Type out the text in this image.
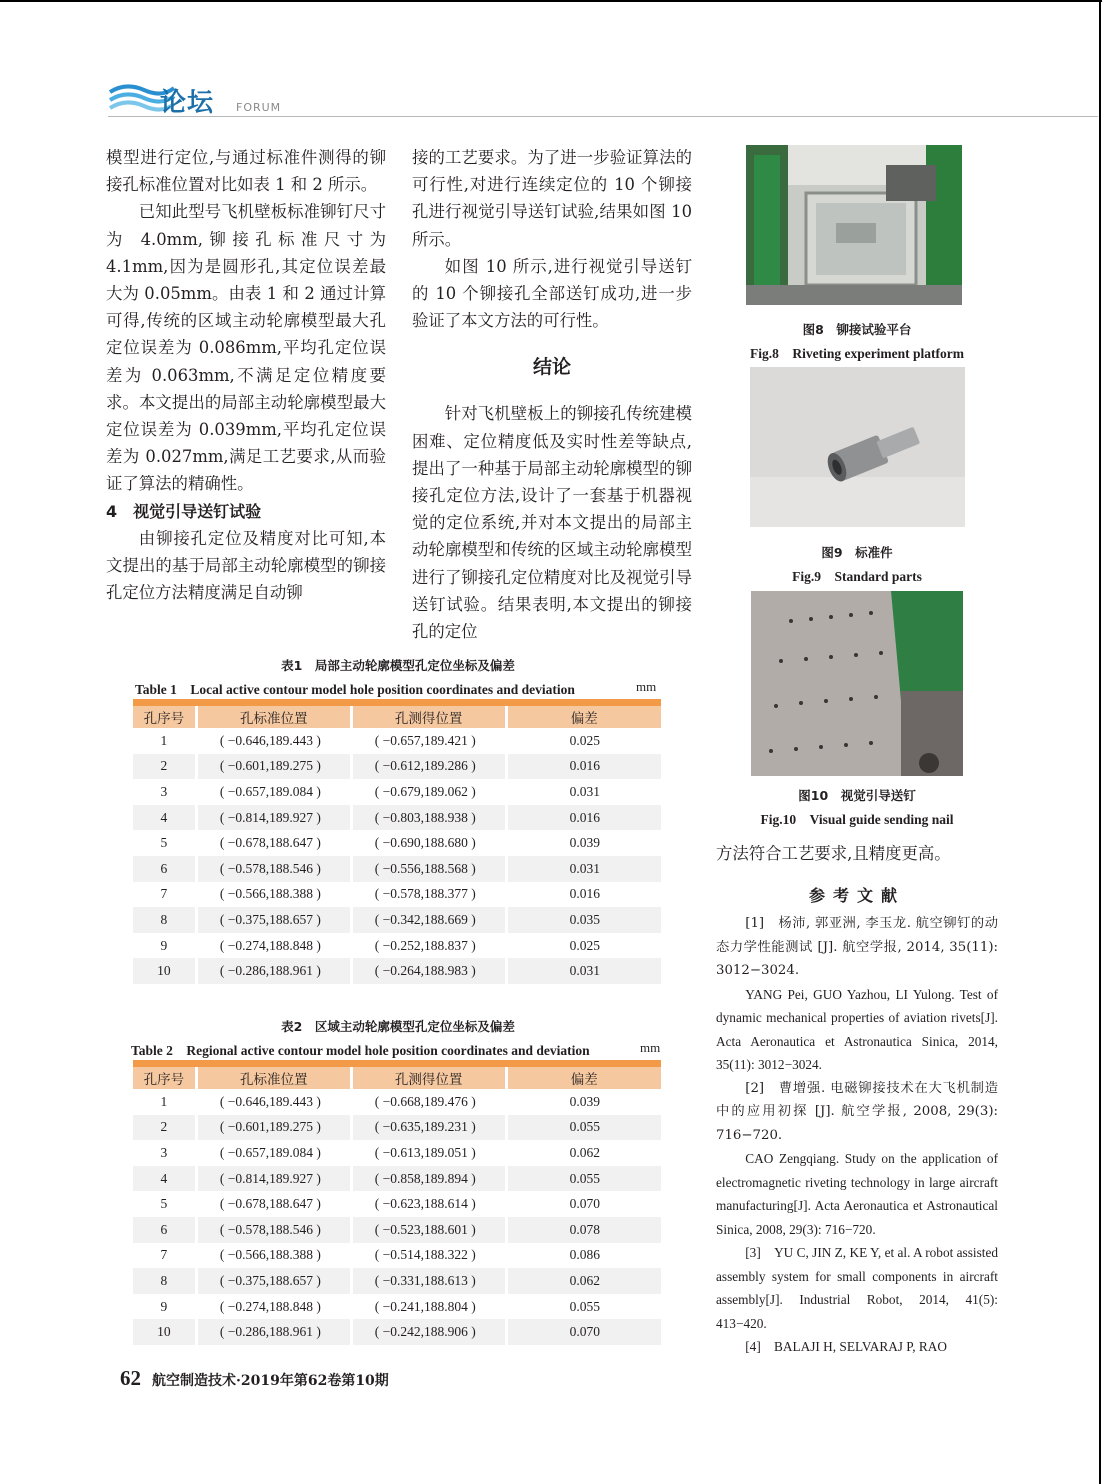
论坛 FORUM

模型进行定位,与通过标准件测得的铆接孔标准位置对比如表 1 和 2 所示。

已知此型号飞机壁板标准铆钉尺寸为 4.0mm,铆接孔标准尺寸为 4.1mm,因为是圆形孔,其定位误差最大为 0.05mm。由表 1 和 2 通过计算可得,传统的区域主动轮廓模型最大孔定位误差为 0.086mm,平均孔定位误差为 0.063mm,不满足定位精度要求。本文提出的局部主动轮廓模型最大定位误差为 0.039mm,平均孔定位误差为 0.027mm,满足工艺要求,从而验证了算法的精确性。

4　视觉引导送钉试验

由铆接孔定位及精度对比可知,本文提出的基于局部主动轮廓模型的铆接孔定位方法精度满足自动铆

接的工艺要求。为了进一步验证算法的可行性,对进行连续定位的 10 个铆接孔进行视觉引导送钉试验,结果如图 10 所示。

如图 10 所示,进行视觉引导送钉的 10 个铆接孔全部送钉成功,进一步验证了本文方法的可行性。

结论

针对飞机壁板上的铆接孔传统建模困难、定位精度低及实时性差等缺点,提出了一种基于局部主动轮廓模型的铆接孔定位方法,设计了一套基于机器视觉的定位系统,并对本文提出的局部主动轮廓模型和传统的区域主动轮廓模型进行了铆接孔定位精度对比及视觉引导送钉试验。结果表明,本文提出的铆接孔的定位

图8　铆接试验平台
Fig.8　Riveting experiment platform
图9　标准件
Fig.9　Standard parts
图10　视觉引导送钉
Fig.10　Visual guide sending nail
表1　局部主动轮廓模型孔定位坐标及偏差
Table 1　Local active contour model hole position coordinates and deviation	mm
孔序号	孔标准位置	孔测得位置	偏差
1	( −0.646,189.443 )	( −0.657,189.421 )	0.025
2	( −0.601,189.275 )	( −0.612,189.286 )	0.016
3	( −0.657,189.084 )	( −0.679,189.062 )	0.031
4	( −0.814,189.927 )	( −0.803,188.938 )	0.016
5	( −0.678,188.647 )	( −0.690,188.680 )	0.039
6	( −0.578,188.546 )	( −0.556,188.568 )	0.031
7	( −0.566,188.388 )	( −0.578,188.377 )	0.016
8	( −0.375,188.657 )	( −0.342,188.669 )	0.035
9	( −0.274,188.848 )	( −0.252,188.837 )	0.025
10	( −0.286,188.961 )	( −0.264,188.983 )	0.031
表2　区域主动轮廓模型孔定位坐标及偏差
Table 2　Regional active contour model hole position coordinates and deviation	mm
孔序号	孔标准位置	孔测得位置	偏差
1	( −0.646,189.443 )	( −0.668,189.476 )	0.039
2	( −0.601,189.275 )	( −0.635,189.231 )	0.055
3	( −0.657,189.084 )	( −0.613,189.051 )	0.062
4	( −0.814,189.927 )	( −0.858,189.894 )	0.055
5	( −0.678,188.647 )	( −0.623,188.614 )	0.070
6	( −0.578,188.546 )	( −0.523,188.601 )	0.078
7	( −0.566,188.388 )	( −0.514,188.322 )	0.086
8	( −0.375,188.657 )	( −0.331,188.613 )	0.062
9	( −0.274,188.848 )	( −0.241,188.804 )	0.055
10	( −0.286,188.961 )	( −0.242,188.906 )	0.070

方法符合工艺要求,且精度更高。

参考文献

[1]　杨沛, 郭亚洲, 李玉龙. 航空铆钉的动态力学性能测试 [J]. 航空学报, 2014, 35(11): 3012−3024.

YANG Pei, GUO Yazhou, LI Yulong. Test of dynamic mechanical properties of aviation rivets[J]. Acta Aeronautica et Astronautica Sinica, 2014, 35(11): 3012−3024.

[2]　曹增强. 电磁铆接技术在大飞机制造中的应用初探 [J]. 航空学报, 2008, 29(3): 716−720.

CAO Zengqiang. Study on the application of electromagnetic riveting technology in large aircraft manufacturing[J]. Acta Aeronautica et Astronautical Sinica, 2008, 29(3): 716−720.

[3]　YU C, JIN Z, KE Y, et al. A robot assisted assembly system for small components in aircraft assembly[J]. Industrial Robot, 2014, 41(5): 413−420.

[4]　BALAJI H, SELVARAJ P, RAO

62 航空制造技术·2019年第62卷第10期
